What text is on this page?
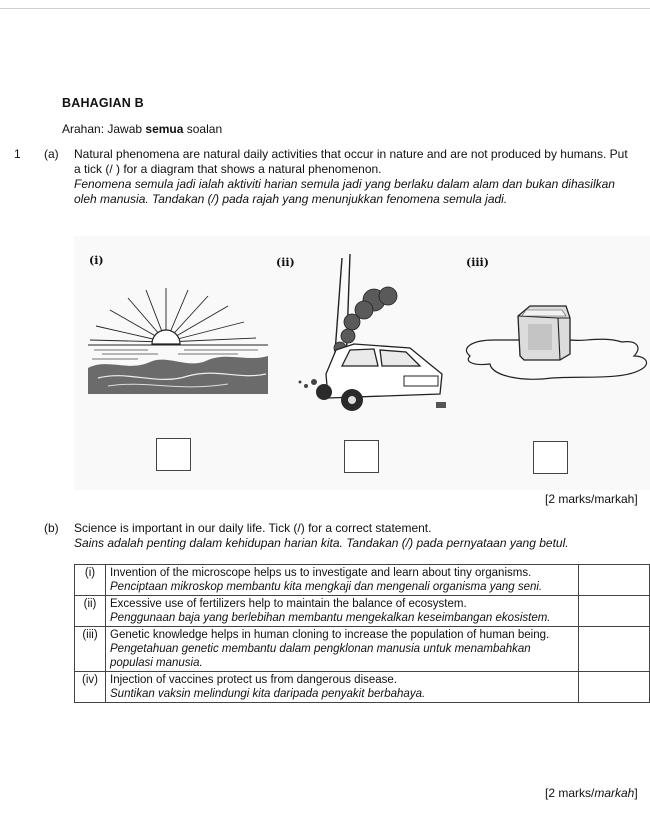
BAHAGIAN B
Arahan: Jawab semua soalan
1 (a) Natural phenomena are natural daily activities that occur in nature and are not produced by humans. Put a tick (/ ) for a diagram that shows a natural phenomenon.
Fenomena semula jadi ialah aktiviti harian semula jadi yang berlaku dalam alam dan bukan dihasilkan oleh manusia. Tandakan (/) pada rajah yang menunjukkan fenomena semula jadi.
(i)	(ii)	(iii)
[2 marks/markah]
(b) Science is important in our daily life. Tick (/) for a correct statement.
Sains adalah penting dalam kehidupan harian kita. Tandakan (/) pada pernyataan yang betul.
(i)	Invention of the microscope helps us to investigate and learn about tiny organisms.
Penciptaan mikroskop membantu kita mengkaji dan mengenali organisma yang seni.	

(ii)	Excessive use of fertilizers help to maintain the balance of ecosystem.
Penggunaan baja yang berlebihan membantu mengekalkan keseimbangan ekosistem.	

(iii)	Genetic knowledge helps in human cloning to increase the population of human being.
Pengetahuan genetic membantu dalam pengklonan manusia untuk menambahkan populasi manusia.	

(iv)	Injection of vaccines protect us from dangerous disease.
Suntikan vaksin melindungi kita daripada penyakit berbahaya.	

[2 marks/markah]
